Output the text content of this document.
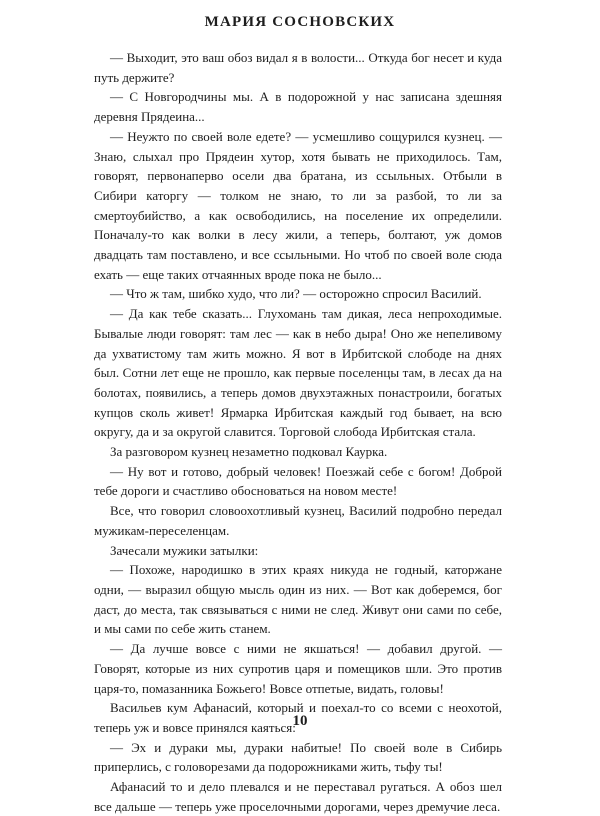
МАРИЯ СОСНОВСКИХ

— Выходит, это ваш обоз видал я в волости... Откуда бог несет и куда путь держите?

— С Новгородчины мы. А в подорожной у нас записана здешняя деревня Прядеина...

— Неужто по своей воле едете? — усмешливо сощурился кузнец. — Знаю, слыхал про Прядеин хутор, хотя бывать не приходилось. Там, говорят, первонаперво осели два братана, из ссыльных. Отбыли в Сибири каторгу — толком не знаю, то ли за разбой, то ли за смертоубийство, а как освободились, на поселение их определили. Поначалу-то как волки в лесу жили, а теперь, болтают, уж домов двадцать там поставлено, и все ссыльными. Но чтоб по своей воле сюда ехать — еще таких отчаянных вроде пока не было...

— Что ж там, шибко худо, что ли? — осторожно спросил Василий.

— Да как тебе сказать... Глухомань там дикая, леса непроходимые. Бывалые люди говорят: там лес — как в небо дыра! Оно же непеливому да ухватистому там жить можно. Я вот в Ирбитской слободе на днях был. Сотни лет еще не прошло, как первые поселенцы там, в лесах да на болотах, появились, а теперь домов двухэтажных понастроили, богатых купцов сколь живет! Ярмарка Ирбитская каждый год бывает, на всю округу, да и за округой славится. Торговой слобода Ирбитская стала.

За разговором кузнец незаметно подковал Каурка.

— Ну вот и готово, добрый человек! Поезжай себе с богом! Доброй тебе дороги и счастливо обосноваться на новом месте!

Все, что говорил словоохотливый кузнец, Василий подробно передал мужикам-переселенцам.

Зачесали мужики затылки:

— Похоже, народишко в этих краях никуда не годный, каторжане одни, — выразил общую мысль один из них. — Вот как доберемся, бог даст, до места, так связываться с ними не след. Живут они сами по себе, и мы сами по себе жить станем.

— Да лучше вовсе с ними не якшаться! — добавил другой. — Говорят, которые из них супротив царя и помещиков шли. Это против царя-то, помазанника Божьего! Вовсе отпетые, видать, головы!

Васильев кум Афанасий, который и поехал-то со всеми с неохотой, теперь уж и вовсе принялся каяться:

— Эх и дураки мы, дураки набитые! По своей воле в Сибирь приперлись, с головорезами да подорожниками жить, тьфу ты!

Афанасий то и дело плевался и не переставал ругаться. А обоз шел все дальше — теперь уже проселочными дорогами, через дремучие леса.

10
